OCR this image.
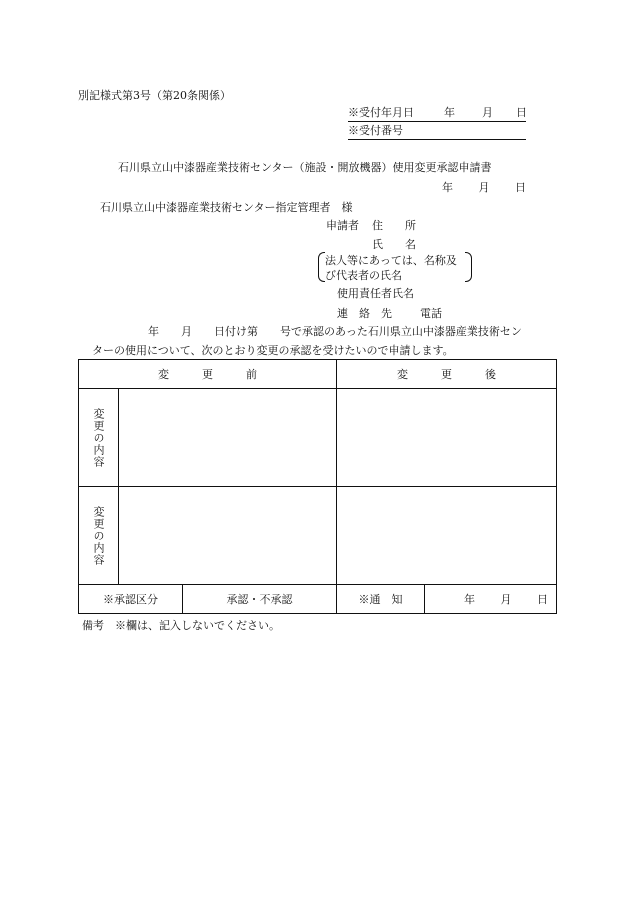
別記様式第3号（第20条関係）
※受付年月日	年 月 日
※受付番号
石川県立山中漆器産業技術センター（施設・開放機器）使用変更承認申請書
年 月 日
石川県立山中漆器産業技術センター指定管理者　様
申請者 住　　所
氏　　名
法人等にあっては、名称及
び代表者の氏名
使用責任者氏名
連　絡　先	電話
年　　月　　日付け第　　号で承認のあった石川県立山中漆器産業技術セン
ターの使用について、次のとおり変更の承認を受けたいので申請します。
変　　　更　　　前			変　　　更　　　後	

変更の内容				

変更の内容				

※承認区分		承認・不承認	※通　知	年 月 日
備考　※欄は、記入しないでください。
